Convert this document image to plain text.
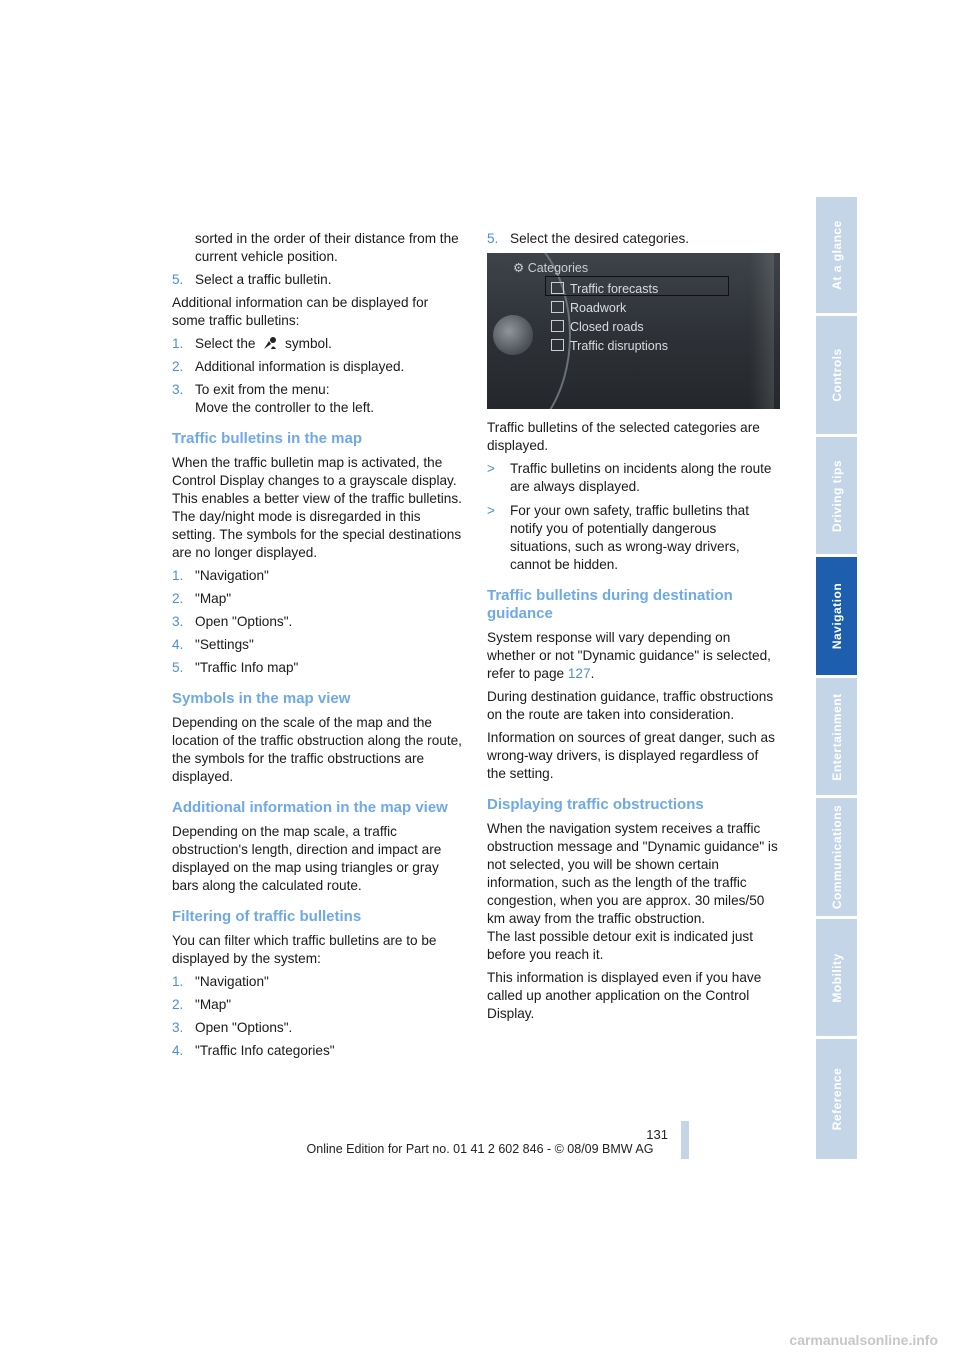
sorted in the order of their distance from the current vehicle position.

5. Select a traffic bulletin.

Additional information can be displayed for some traffic bulletins:

1. Select the symbol.
2. Additional information is displayed.
3. To exit from the menu:
Move the controller to the left.
Traffic bulletins in the map

When the traffic bulletin map is activated, the Control Display changes to a grayscale display. This enables a better view of the traffic bulletins. The day/night mode is disregarded in this setting. The symbols for the special destinations are no longer displayed.

1. "Navigation"
2. "Map"
3. Open "Options".
4. "Settings"
5. "Traffic Info map"
Symbols in the map view

Depending on the scale of the map and the location of the traffic obstruction along the route, the symbols for the traffic obstructions are displayed.

Additional information in the map view

Depending on the map scale, a traffic obstruction's length, direction and impact are displayed on the map using triangles or gray bars along the calculated route.

Filtering of traffic bulletins

You can filter which traffic bulletins are to be displayed by the system:

1. "Navigation"
2. "Map"
3. Open "Options".
4. "Traffic Info categories"
5. Select the desired categories.
⚙ Categories
Traffic forecasts
Roadwork
Closed roads
Traffic disruptions

Traffic bulletins of the selected categories are displayed.

>	Traffic bulletins on incidents along the route are always displayed.
>	For your own safety, traffic bulletins that notify you of potentially dangerous situations, such as wrong-way drivers, cannot be hidden.
Traffic bulletins during destination guidance

System response will vary depending on whether or not "Dynamic guidance" is selected, refer to page 127.

During destination guidance, traffic obstructions on the route are taken into consideration.

Information on sources of great danger, such as wrong-way drivers, is displayed regardless of the setting.

Displaying traffic obstructions

When the navigation system receives a traffic obstruction message and "Dynamic guidance" is not selected, you will be shown certain information, such as the length of the traffic congestion, when you are approx. 30 miles/50 km away from the traffic obstruction.
The last possible detour exit is indicated just before you reach it.

This information is displayed even if you have called up another application on the Control Display.

At a glance
Controls
Driving tips
Navigation
Entertainment
Communications
Mobility
Reference
131
Online Edition for Part no. 01 41 2 602 846 - © 08/09 BMW AG
carmanualsonline.info
